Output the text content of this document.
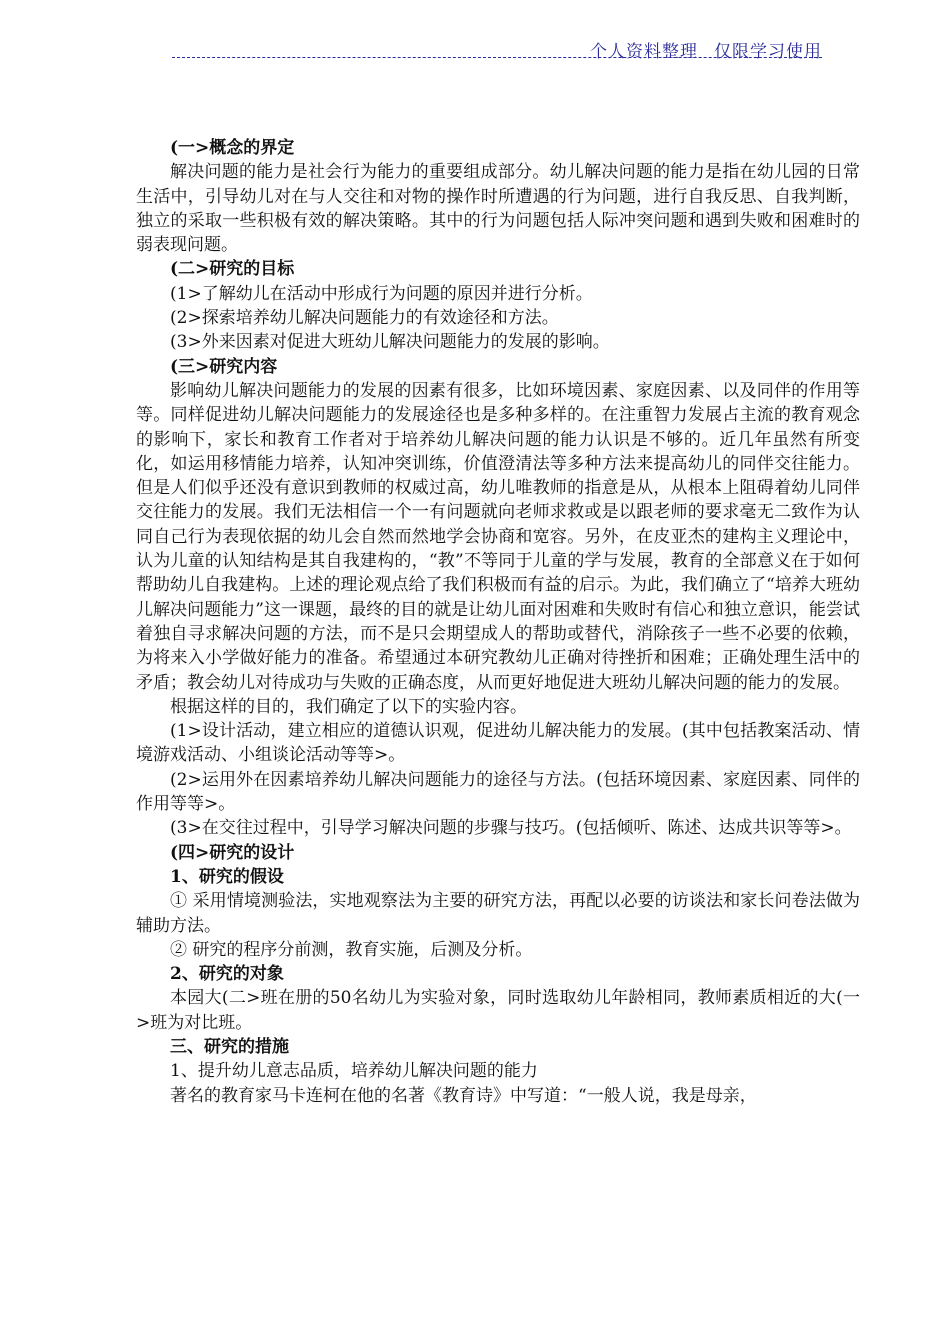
个人资料整理 仅限学习使用

(一>概念的界定

解决问题的能力是社会行为能力的重要组成部分。幼儿解决问题的能力是指在幼儿园的日常生活中，引导幼儿对在与人交往和对物的操作时所遭遇的行为问题，进行自我反思、自我判断，独立的采取一些积极有效的解决策略。其中的行为问题包括人际冲突问题和遇到失败和困难时的弱表现问题。

(二>研究的目标

(1>了解幼儿在活动中形成行为问题的原因并进行分析。

(2>探索培养幼儿解决问题能力的有效途径和方法。

(3>外来因素对促进大班幼儿解决问题能力的发展的影响。

(三>研究内容

影响幼儿解决问题能力的发展的因素有很多，比如环境因素、家庭因素、以及同伴的作用等等。同样促进幼儿解决问题能力的发展途径也是多种多样的。在注重智力发展占主流的教育观念的影响下，家长和教育工作者对于培养幼儿解决问题的能力认识是不够的。近几年虽然有所变化，如运用移情能力培养，认知冲突训练，价值澄清法等多种方法来提高幼儿的同伴交往能力。但是人们似乎还没有意识到教师的权威过高，幼儿唯教师的指意是从，从根本上阻碍着幼儿同伴交往能力的发展。我们无法相信一个一有问题就向老师求救或是以跟老师的要求毫无二致作为认同自己行为表现依据的幼儿会自然而然地学会协商和宽容。另外，在皮亚杰的建构主义理论中，认为儿童的认知结构是其自我建构的，“教”不等同于儿童的学与发展，教育的全部意义在于如何帮助幼儿自我建构。上述的理论观点给了我们积极而有益的启示。为此，我们确立了“培养大班幼儿解决问题能力”这一课题，最终的目的就是让幼儿面对困难和失败时有信心和独立意识，能尝试着独自寻求解决问题的方法，而不是只会期望成人的帮助或替代，消除孩子一些不必要的依赖，为将来入小学做好能力的准备。希望通过本研究教幼儿正确对待挫折和困难；正确处理生活中的矛盾；教会幼儿对待成功与失败的正确态度，从而更好地促进大班幼儿解决问题的能力的发展。

根据这样的目的，我们确定了以下的实验内容。

(1>设计活动，建立相应的道德认识观，促进幼儿解决能力的发展。(其中包括教案活动、情境游戏活动、小组谈论活动等等>。

(2>运用外在因素培养幼儿解决问题能力的途径与方法。(包括环境因素、家庭因素、同伴的作用等等>。

(3>在交往过程中，引导学习解决问题的步骤与技巧。(包括倾听、陈述、达成共识等等>。

(四>研究的设计

1、研究的假设

① 采用情境测验法，实地观察法为主要的研究方法，再配以必要的访谈法和家长问卷法做为辅助方法。

② 研究的程序分前测，教育实施，后测及分析。

2、研究的对象

本园大(二>班在册的50名幼儿为实验对象，同时选取幼儿年龄相同，教师素质相近的大(一>班为对比班。

三、研究的措施

1、提升幼儿意志品质，培养幼儿解决问题的能力

著名的教育家马卡连柯在他的名著《教育诗》中写道：“一般人说，我是母亲，
